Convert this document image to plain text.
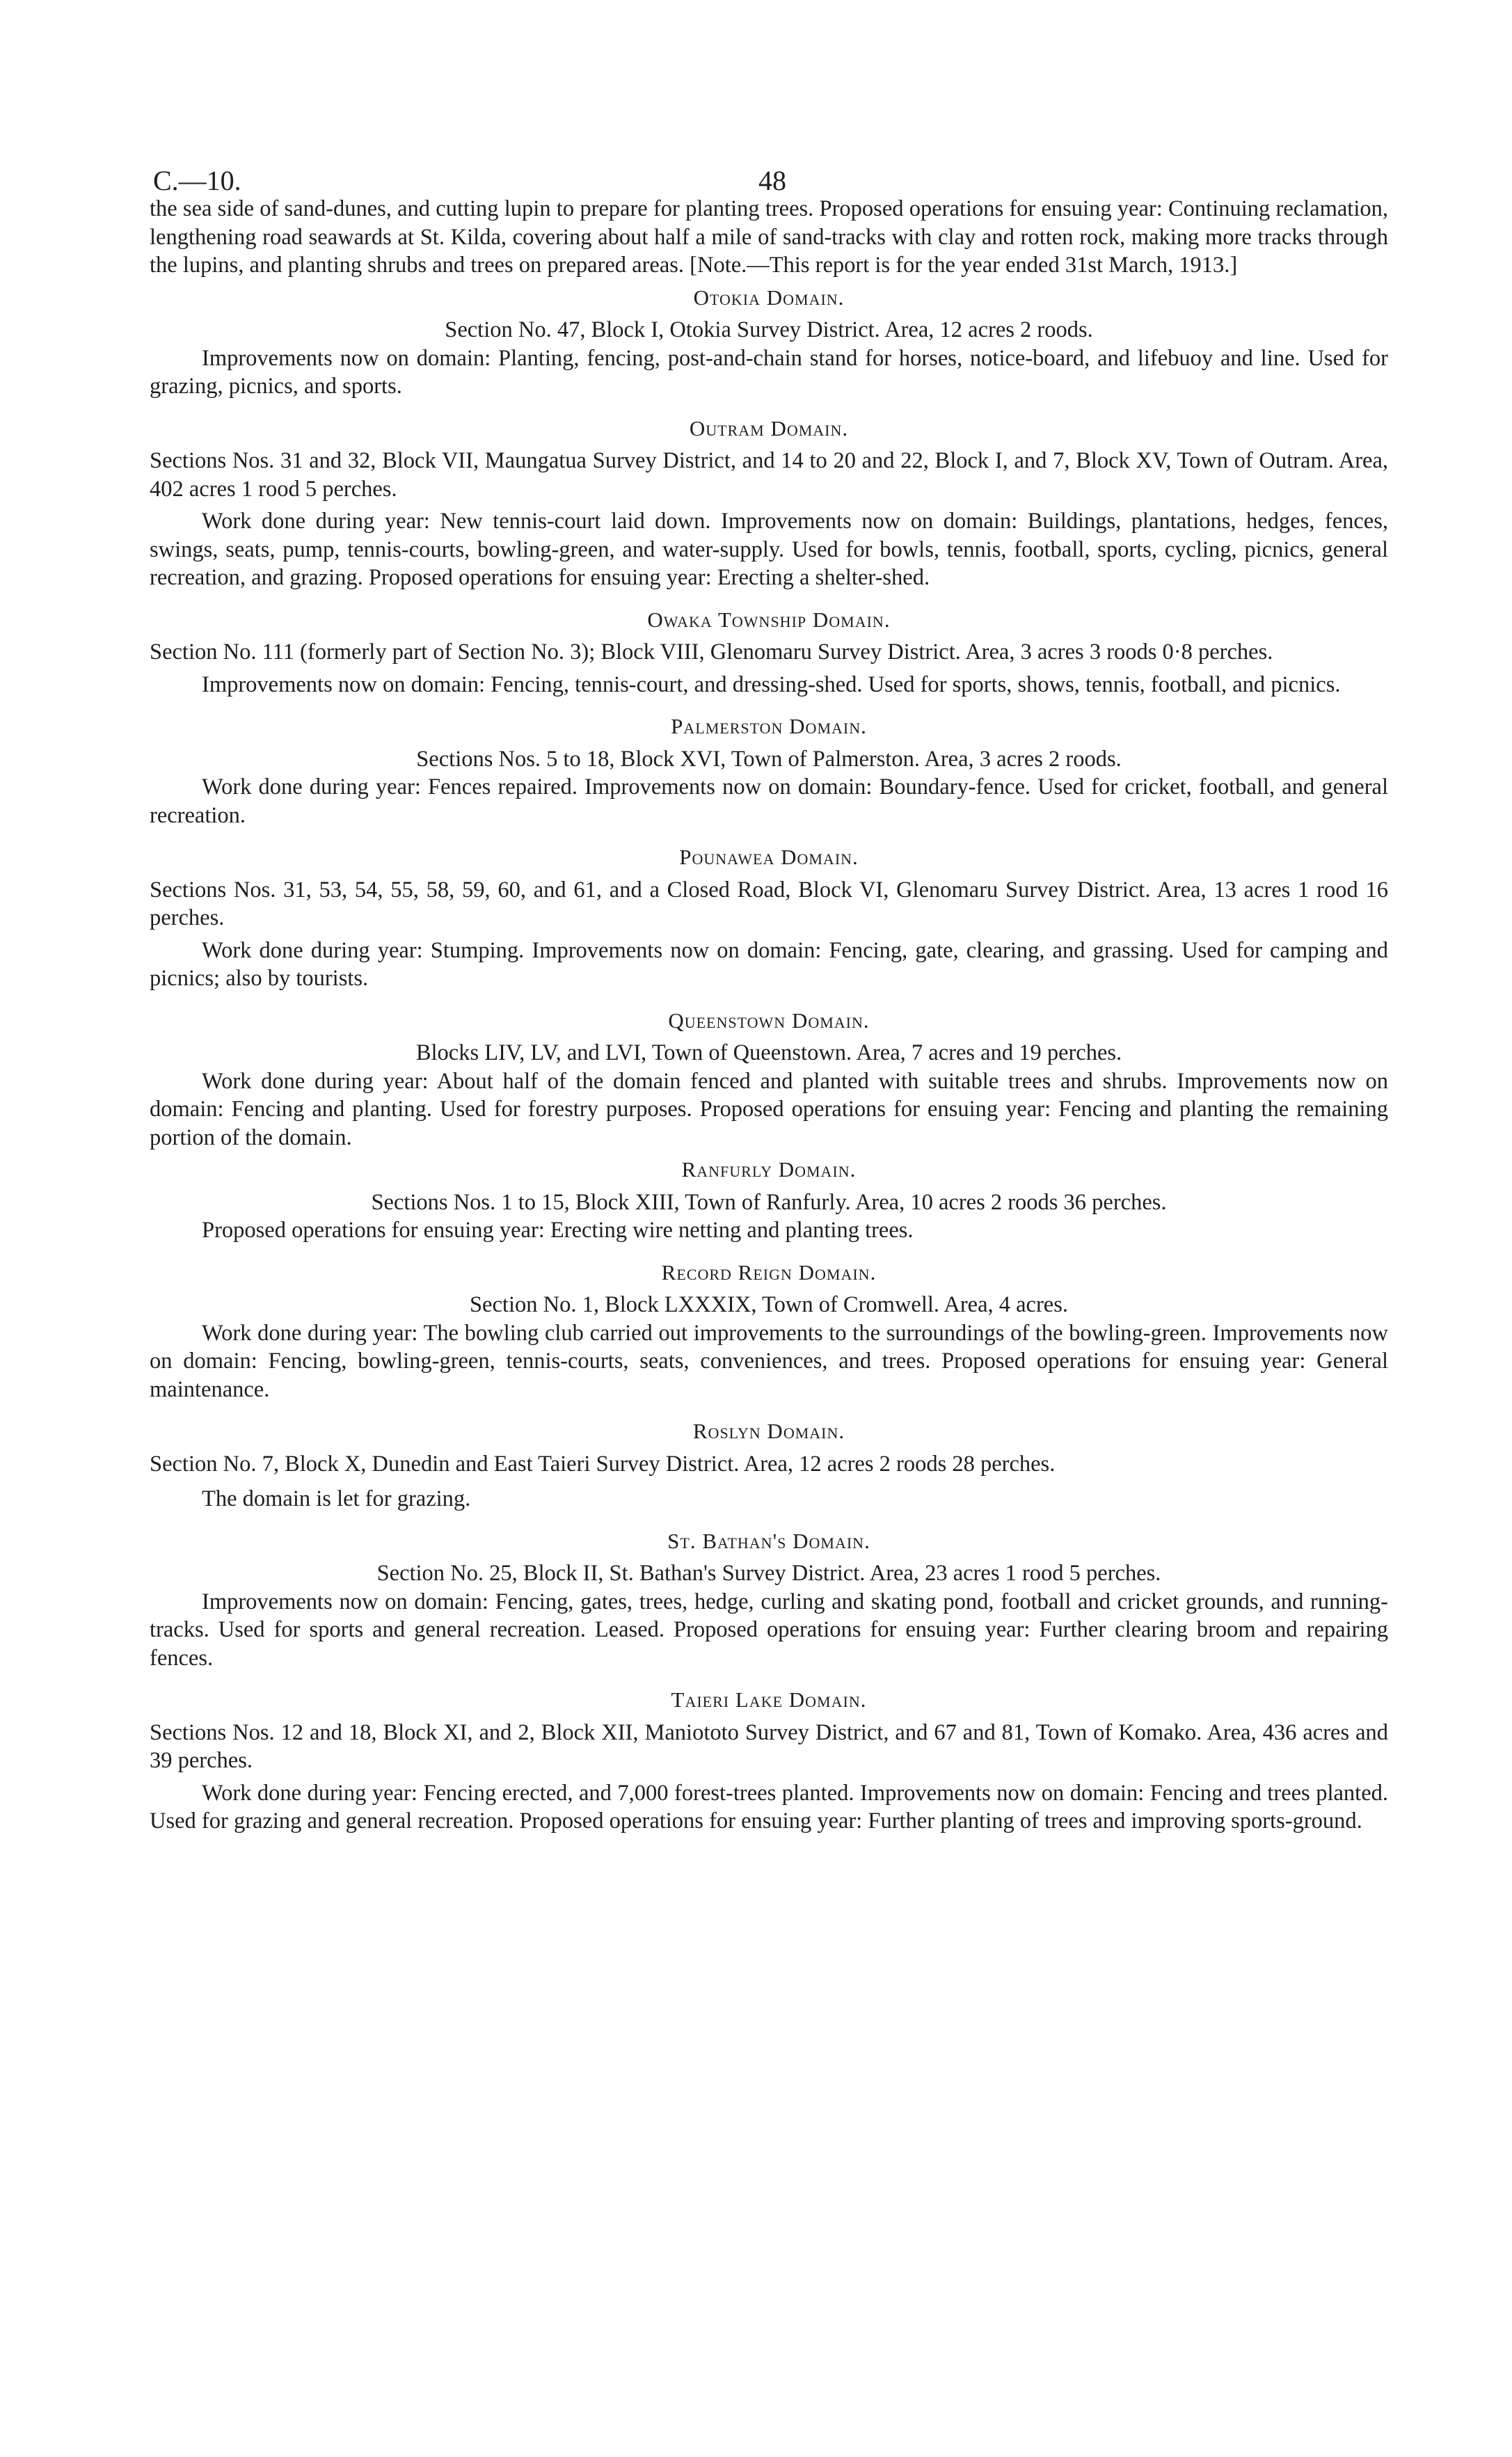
C.—10.	48

the sea side of sand-dunes, and cutting lupin to prepare for planting trees. Proposed operations for ensuing year: Continuing reclamation, lengthening road seawards at St. Kilda, covering about half a mile of sand-tracks with clay and rotten rock, making more tracks through the lupins, and planting shrubs and trees on prepared areas. [Note.—This report is for the year ended 31st March, 1913.]

Otokia Domain.

Section No. 47, Block I, Otokia Survey District. Area, 12 acres 2 roods.

Improvements now on domain: Planting, fencing, post-and-chain stand for horses, notice-board, and lifebuoy and line. Used for grazing, picnics, and sports.

Outram Domain.

Sections Nos. 31 and 32, Block VII, Maungatua Survey District, and 14 to 20 and 22, Block I, and 7, Block XV, Town of Outram. Area, 402 acres 1 rood 5 perches.

Work done during year: New tennis-court laid down. Improvements now on domain: Buildings, plantations, hedges, fences, swings, seats, pump, tennis-courts, bowling-green, and water-supply. Used for bowls, tennis, football, sports, cycling, picnics, general recreation, and grazing. Proposed operations for ensuing year: Erecting a shelter-shed.

Owaka Township Domain.

Section No. 111 (formerly part of Section No. 3); Block VIII, Glenomaru Survey District. Area, 3 acres 3 roods 0·8 perches.

Improvements now on domain: Fencing, tennis-court, and dressing-shed. Used for sports, shows, tennis, football, and picnics.

Palmerston Domain.

Sections Nos. 5 to 18, Block XVI, Town of Palmerston. Area, 3 acres 2 roods.

Work done during year: Fences repaired. Improvements now on domain: Boundary-fence. Used for cricket, football, and general recreation.

Pounawea Domain.

Sections Nos. 31, 53, 54, 55, 58, 59, 60, and 61, and a Closed Road, Block VI, Glenomaru Survey District. Area, 13 acres 1 rood 16 perches.

Work done during year: Stumping. Improvements now on domain: Fencing, gate, clearing, and grassing. Used for camping and picnics; also by tourists.

Queenstown Domain.

Blocks LIV, LV, and LVI, Town of Queenstown. Area, 7 acres and 19 perches.

Work done during year: About half of the domain fenced and planted with suitable trees and shrubs. Improvements now on domain: Fencing and planting. Used for forestry purposes. Proposed operations for ensuing year: Fencing and planting the remaining portion of the domain.

Ranfurly Domain.

Sections Nos. 1 to 15, Block XIII, Town of Ranfurly. Area, 10 acres 2 roods 36 perches.

Proposed operations for ensuing year: Erecting wire netting and planting trees.

Record Reign Domain.

Section No. 1, Block LXXXIX, Town of Cromwell. Area, 4 acres.

Work done during year: The bowling club carried out improvements to the surroundings of the bowling-green. Improvements now on domain: Fencing, bowling-green, tennis-courts, seats, conveniences, and trees. Proposed operations for ensuing year: General maintenance.

Roslyn Domain.

Section No. 7, Block X, Dunedin and East Taieri Survey District. Area, 12 acres 2 roods 28 perches.

The domain is let for grazing.

St. Bathan's Domain.

Section No. 25, Block II, St. Bathan's Survey District. Area, 23 acres 1 rood 5 perches.

Improvements now on domain: Fencing, gates, trees, hedge, curling and skating pond, football and cricket grounds, and running-tracks. Used for sports and general recreation. Leased. Proposed operations for ensuing year: Further clearing broom and repairing fences.

Taieri Lake Domain.

Sections Nos. 12 and 18, Block XI, and 2, Block XII, Maniototo Survey District, and 67 and 81, Town of Komako. Area, 436 acres and 39 perches.

Work done during year: Fencing erected, and 7,000 forest-trees planted. Improvements now on domain: Fencing and trees planted. Used for grazing and general recreation. Proposed operations for ensuing year: Further planting of trees and improving sports-ground.
